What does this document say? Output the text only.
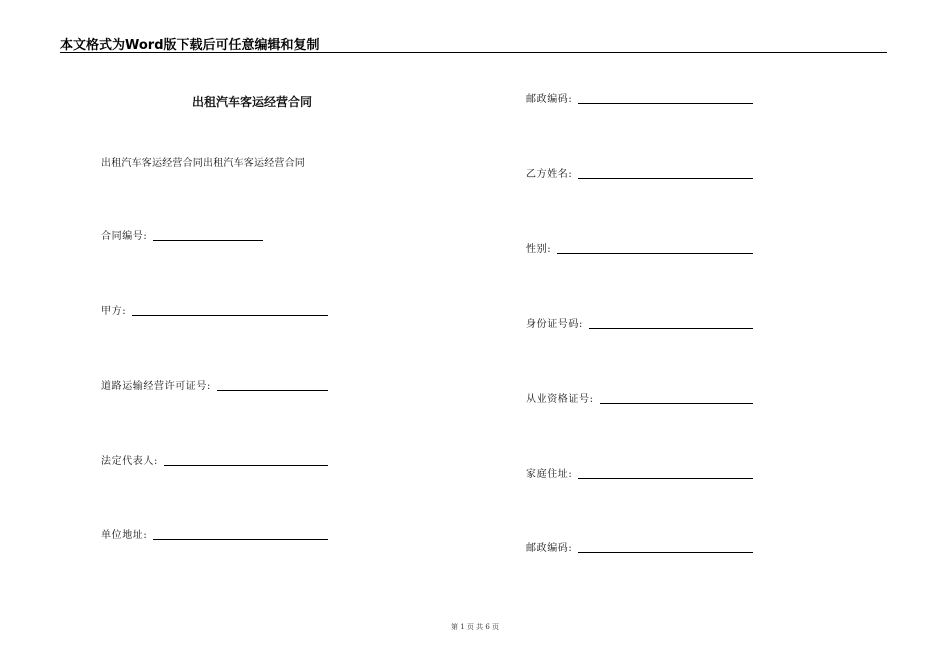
本文格式为Word版下载后可任意编辑和复制
出租汽车客运经营合同
出租汽车客运经营合同出租汽车客运经营合同
合同编号:
甲方:
道路运输经营许可证号:
法定代表人:
单位地址:
邮政编码:
乙方姓名:
性别:
身份证号码:
从业资格证号:
家庭住址:
邮政编码:
第 1 页 共 6 页
